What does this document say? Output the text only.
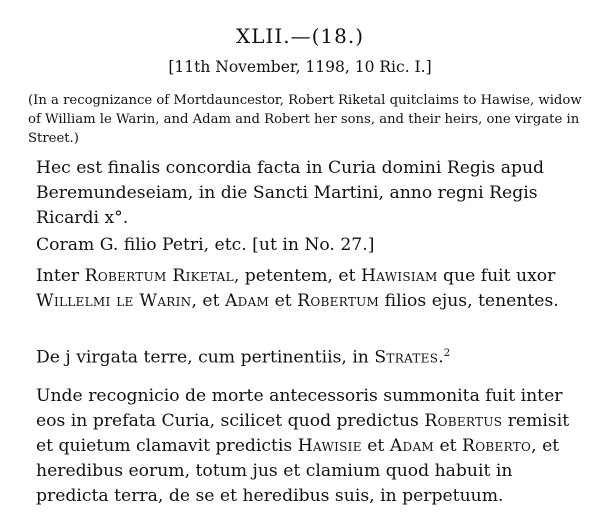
XLII.—(18.)
[11th November, 1198, 10 Ric. I.]
(In a recognizance of Mortdauncestor, Robert Riketal quitclaims to Hawise, widow of William le Warin, and Adam and Robert her sons, and their heirs, one virgate in Street.)
Hec est finalis concordia facta in Curia domini Regis apud Beremundeseiam, in die Sancti Martini, anno regni Regis Ricardi x°.
Coram G. filio Petri, etc. [ut in No. 27.]
Inter Robertum Riketal, petentem, et Hawisiam que fuit uxor Willelmi le Warin, et Adam et Robertum filios ejus, tenentes.
De j virgata terre, cum pertinentiis, in Strates.$^2$
Unde recognicio de morte antecessoris summonita fuit inter eos in prefata Curia, scilicet quod predictus Robertus remisit et quietum clamavit predictis Hawisie et Adam et Roberto, et heredibus eorum, totum jus et clamium quod habuit in predicta terra, de se et heredibus suis, in perpetuum.
